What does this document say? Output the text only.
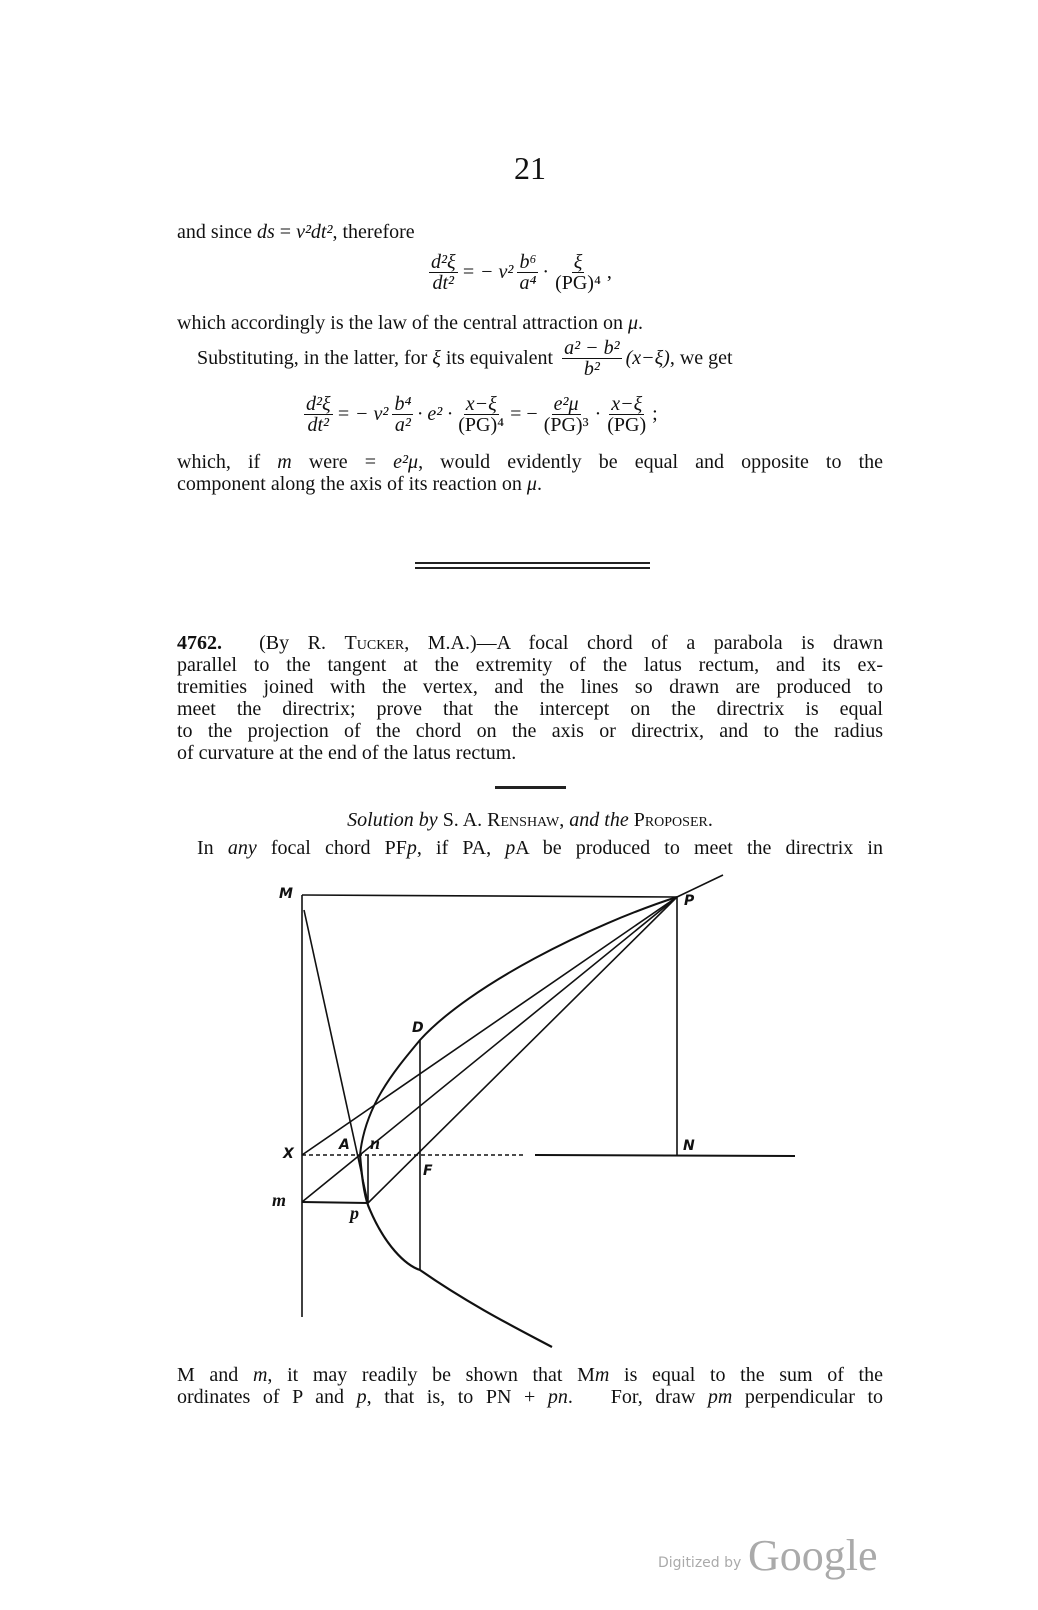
21
and since ds = v²dt², therefore
$\frac{\text{d²ξ}}{\text{dt²}}$ = − $v^2 \frac{\text{b⁶}}{\text{a⁴}} \cdot \frac{\xi}{\text{(PG)⁴}}$ ,
which accordingly is the law of the central attraction on μ.
Substituting, in the latter, for ξ its equivalent $\frac{\text{a² − b²}}{\text{b²}} (x-\xi)$ , we get
$\frac{\text{d²ξ}}{\text{dt²}}$ = − $v^2 \frac{\text{b⁴}}{\text{a²}} \cdot e^2 \cdot \frac{x-\xi}{\text{(PG)⁴}}$ = − $\frac{\text{e²μ}}{\text{(PG)³}} \cdot \frac{x-\xi}{(PG)}$ ;
which, if m were = e²μ, would evidently be equal and opposite to the
component along the axis of its reaction on μ.
4762. (By R. Tucker, M.A.)—A focal chord of a parabola is drawn
parallel to the tangent at the extremity of the latus rectum, and its ex-
tremities joined with the vertex, and the lines so drawn are produced to
meet the directrix; prove that the intercept on the directrix is equal
to the projection of the chord on the axis or directrix, and to the radius
of curvature at the end of the latus rectum.
Solution by S. A. Renshaw, and the Proposer.
In any focal chord PFp, if PA, pA be produced to meet the directrix in
M	P
D
X
A n
F
N
m
p
M and m, it may readily be shown that Mm is equal to the sum of the
ordinates of P and p, that is, to PN + pn.   For, draw pm perpendicular to
Digitized by Google
